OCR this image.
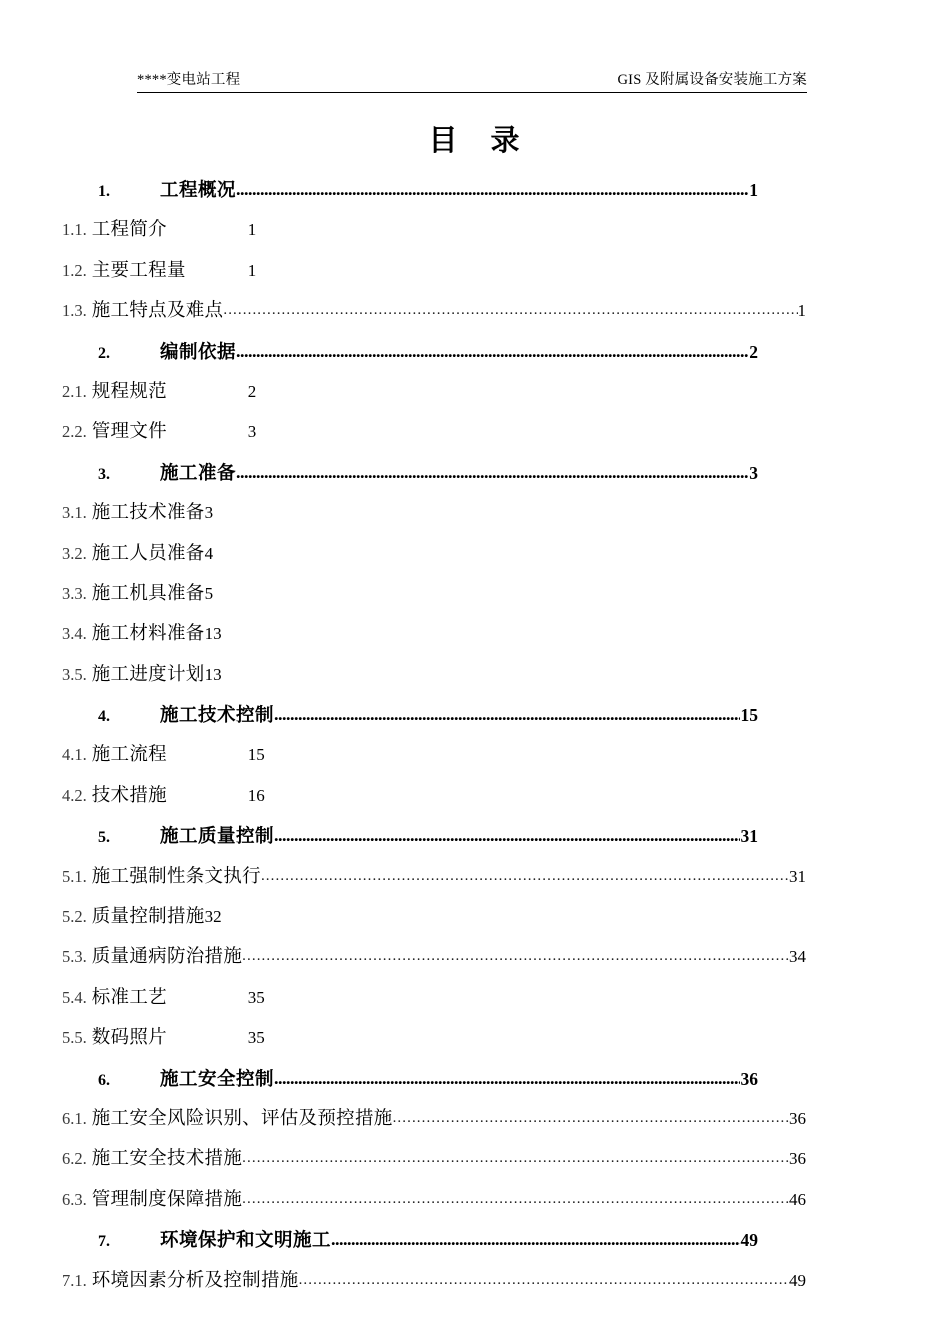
****变电站工程	GIS 及附属设备安装施工方案
目　录
1.	工程概况 .....	1
1.1. 工程简介	1
1.2. 主要工程量	1
1.3. 施工特点及难点 .....	1
2.	编制依据 .....	2
2.1. 规程规范	2
2.2. 管理文件	3
3.	施工准备 .....	3
3.1. 施工技术准备3
3.2. 施工人员准备4
3.3. 施工机具准备5
3.4. 施工材料准备13
3.5. 施工进度计划13
4.	施工技术控制 .....	15
4.1. 施工流程	15
4.2. 技术措施	16
5.	施工质量控制 .....	31
5.1. 施工强制性条文执行 .....	31
5.2. 质量控制措施32
5.3. 质量通病防治措施 .....	34
5.4. 标准工艺	35
5.5. 数码照片	35
6.	施工安全控制 .....	36
6.1. 施工安全风险识别、评估及预控措施 .....	36
6.2. 施工安全技术措施 .....	36
6.3. 管理制度保障措施 .....	46
7.	环境保护和文明施工 .....	49
7.1. 环境因素分析及控制措施 .....	49
